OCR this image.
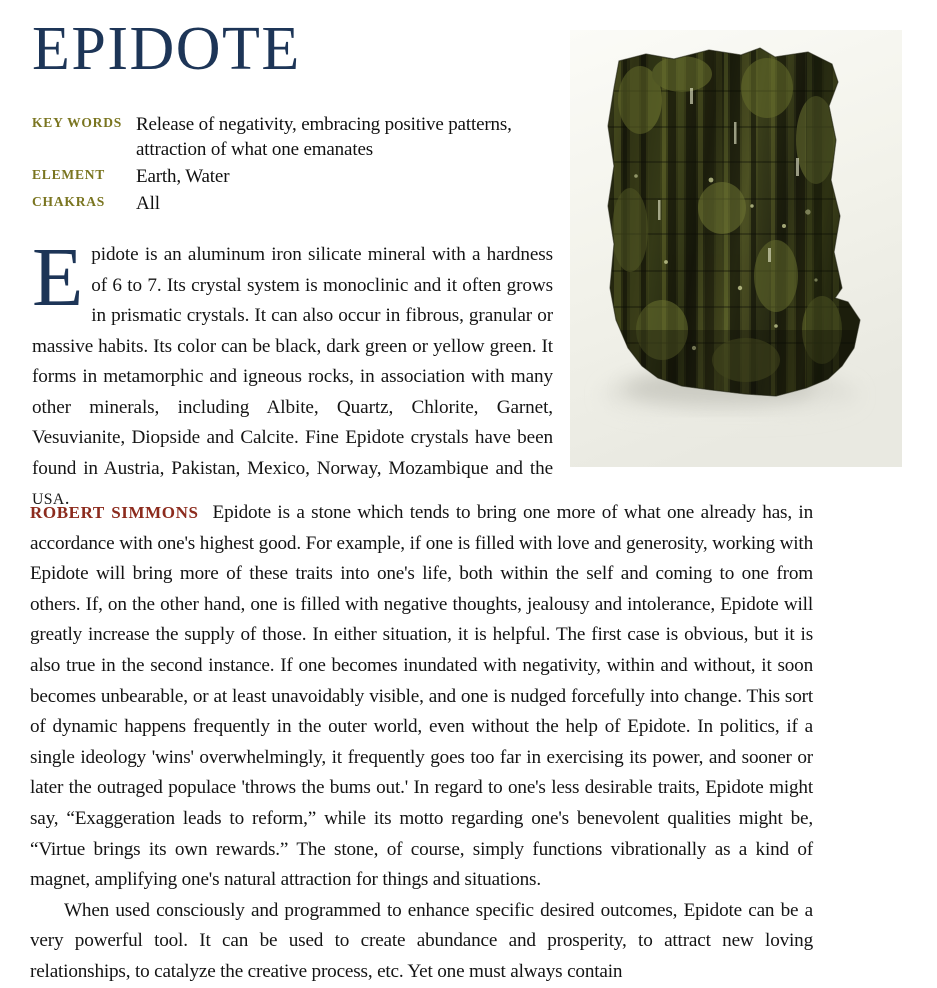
EPIDOTE
KEY WORDS Release of negativity, embracing positive patterns, attraction of what one emanates
ELEMENT Earth, Water
CHAKRAS All
Epidote is an aluminum iron silicate mineral with a hardness of 6 to 7. Its crystal system is monoclinic and it often grows in prismatic crystals. It can also occur in fibrous, granular or massive habits. Its color can be black, dark green or yellow green. It forms in metamorphic and igneous rocks, in association with many other minerals, including Albite, Quartz, Chlorite, Garnet, Vesuvianite, Diopside and Calcite. Fine Epidote crystals have been found in Austria, Pakistan, Mexico, Norway, Mozambique and the USA.

ROBERT SIMMONS Epidote is a stone which tends to bring one more of what one already has, in accordance with one's highest good. For example, if one is filled with love and generosity, working with Epidote will bring more of these traits into one's life, both within the self and coming to one from others. If, on the other hand, one is filled with negative thoughts, jealousy and intolerance, Epidote will greatly increase the supply of those. In either situation, it is helpful. The first case is obvious, but it is also true in the second instance. If one becomes inundated with negativity, within and without, it soon becomes unbearable, or at least unavoidably visible, and one is nudged forcefully into change. This sort of dynamic happens frequently in the outer world, even without the help of Epidote. In politics, if a single ideology 'wins' overwhelmingly, it frequently goes too far in exercising its power, and sooner or later the outraged populace 'throws the bums out.' In regard to one's less desirable traits, Epidote might say, “Exaggeration leads to reform,” while its motto regarding one's benevolent qualities might be, “Virtue brings its own rewards.” The stone, of course, simply functions vibrationally as a kind of magnet, amplifying one's natural attraction for things and situations.

When used consciously and programmed to enhance specific desired outcomes, Epidote can be a very powerful tool. It can be used to create abundance and prosperity, to attract new loving relationships, to catalyze the creative process, etc. Yet one must always contain
